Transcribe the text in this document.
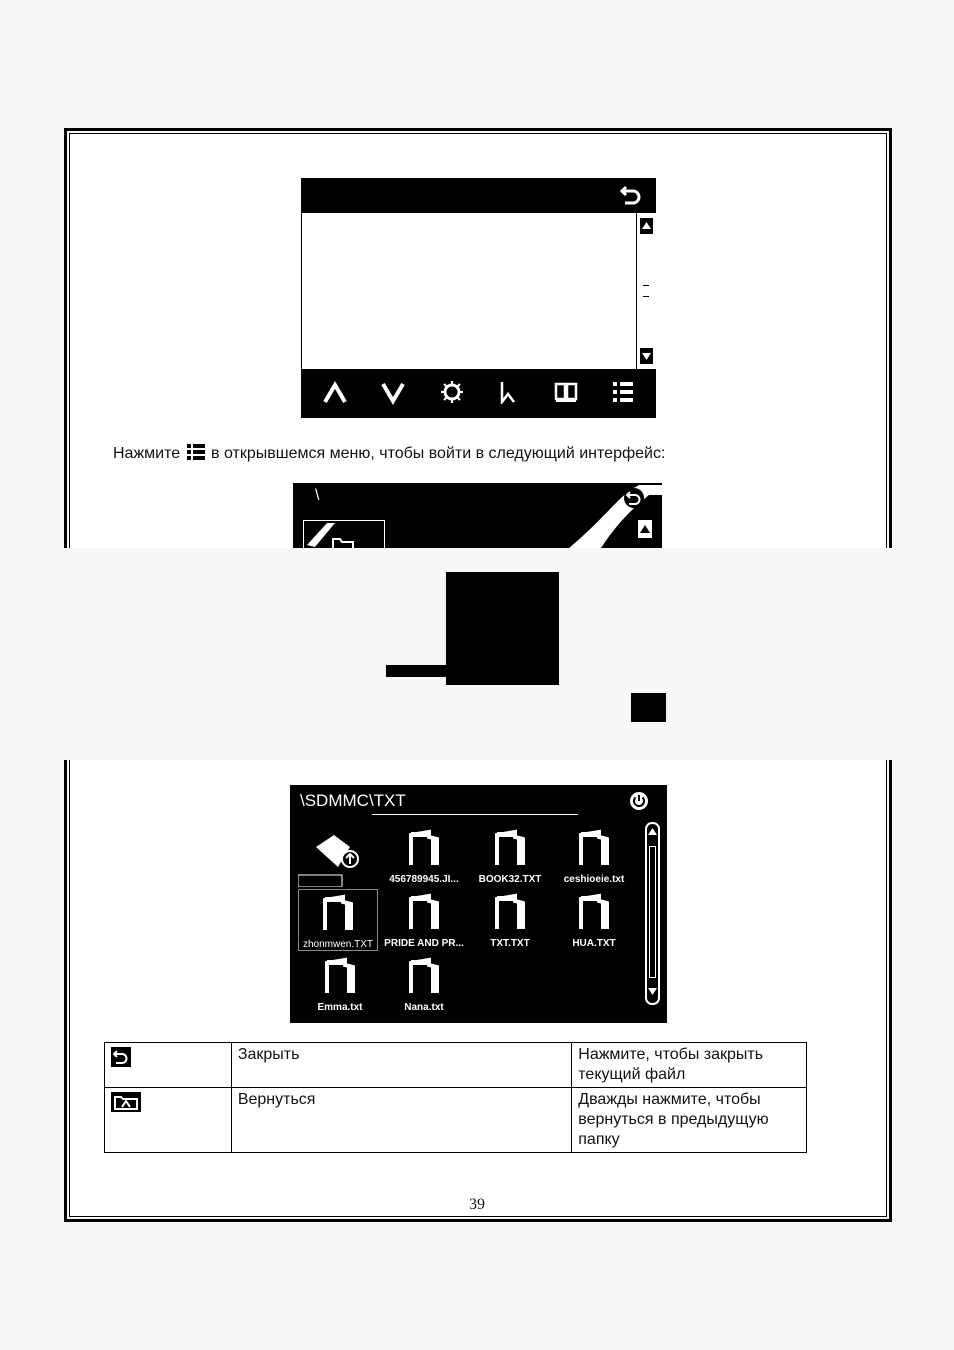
Нажмите в открывшемся меню, чтобы войти в следующий интерфейс:
\
\SDMMC\TXT
456789945.JI...	BOOK32.TXT	ceshioeie.txt
zhonmwen.TXT	PRIDE AND PR...	TXT.TXT	HUA.TXT
Emma.txt	Nana.txt
	Закрыть	Нажмите, чтобы закрыть текущий файл
	Вернуться	Дважды нажмите, чтобы вернуться в предыдущую папку
39
